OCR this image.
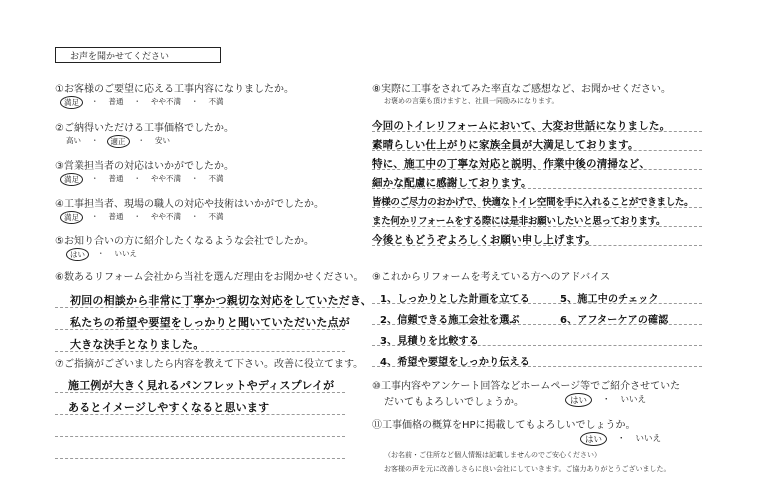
お声を聞かせてください
①お客様のご要望に応える工事内容になりましたか。
満足	・ 普通 ・ やや不満 ・ 不満
②ご納得いただける工事価格でしたか。
高い ・	適正	・ 安い
③営業担当者の対応はいかがでしたか。
満足	・ 普通 ・ やや不満 ・ 不満
④工事担当者、現場の職人の対応や技術はいかがでしたか。
満足	・ 普通 ・ やや不満 ・ 不満
⑤お知り合いの方に紹介したくなるような会社でしたか。
はい	・ いいえ
⑥数あるリフォーム会社から当社を選んだ理由をお聞かせください。
初回の相談から非常に丁寧かつ親切な対応をしていただき、
私たちの希望や要望をしっかりと聞いていただいた点が
大きな決手となりました。
⑦ご指摘がございましたら内容を教えて下さい。改善に役立てます。
施工例が大きく見れるパンフレットやディスプレイが
あるとイメージしやすくなると思います
⑧実際に工事をされてみた率直なご感想など、お聞かせください。
お褒めの言葉も頂けますと、社員一同励みになります。
今回のトイレリフォームにおいて、大変お世話になりました。
素晴らしい仕上がりに家族全員が大満足しております。
特に、施工中の丁寧な対応と説明、作業中後の清掃など、
細かな配慮に感謝しております。
皆様のご尽力のおかげで、快適なトイレ空間を手に入れることができました。
また何かリフォームをする際には是非お願いしたいと思っております。
今後ともどうぞよろしくお願い申し上げます。
⑨これからリフォームを考えている方へのアドバイス
1、しっかりとした計画を立てる
2、信頼できる施工会社を選ぶ
3、見積りを比較する
4、希望や要望をしっかり伝える
5、施工中のチェック
6、アフターケアの確認
⑩工事内容やアンケート回答などホームページ等でご紹介させていた
だいてもよろしいでしょうか。	はい	・ いいえ
⑪工事価格の概算をHPに掲載してもよろしいでしょうか。
はい	・ いいえ
（お名前・ご住所など個人情報は記載しませんのでご安心ください）
お客様の声を元に改善しさらに良い会社にしていきます。ご協力ありがとうございました。
